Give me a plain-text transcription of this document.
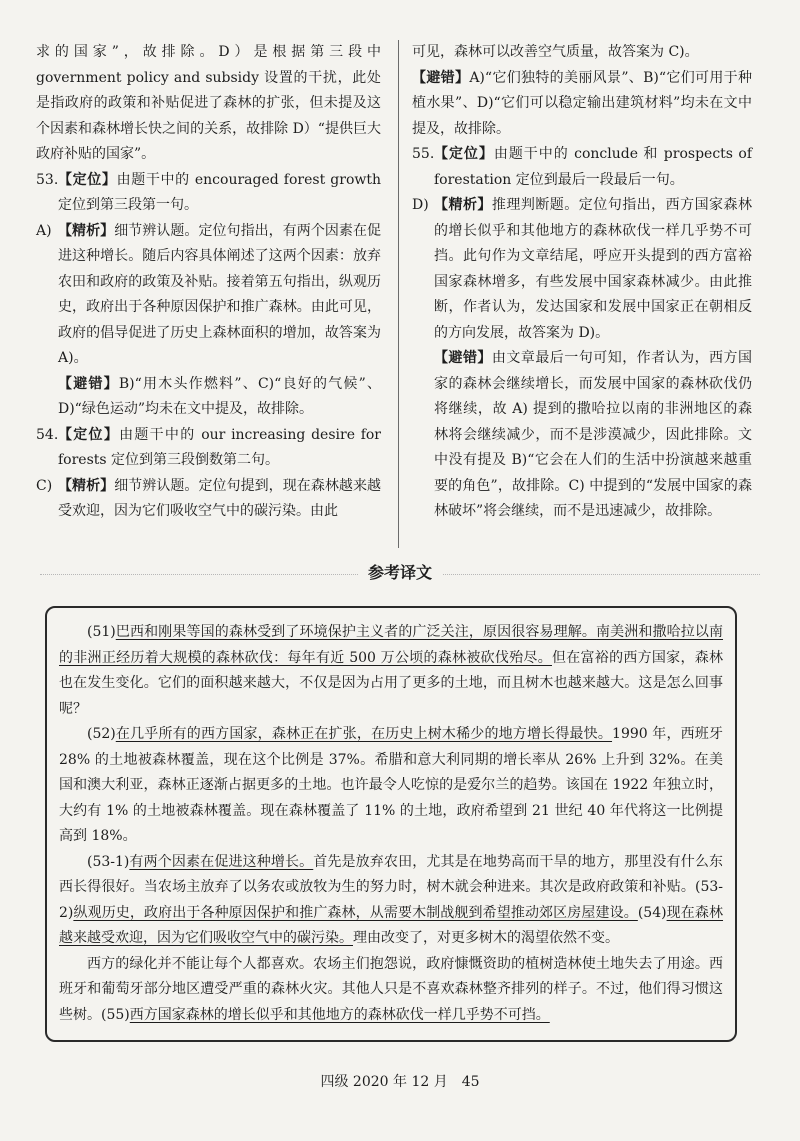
求的国家”，故排除。D）是根据第三段中 government policy and subsidy 设置的干扰，此处是指政府的政策和补贴促进了森林的扩张，但未提及这个因素和森林增长快之间的关系，故排除 D）“提供巨大政府补贴的国家”。

53. 【定位】由题干中的 encouraged forest growth 定位到第三段第一句。

A) 【精析】细节辨认题。定位句指出，有两个因素在促进这种增长。随后内容具体阐述了这两个因素：放弃农田和政府的政策及补贴。接着第五句指出，纵观历史，政府出于各种原因保护和推广森林。由此可见，政府的倡导促进了历史上森林面积的增加，故答案为 A)。

【避错】B)“用木头作燃料”、C)“良好的气候”、D)“绿色运动”均未在文中提及，故排除。

54. 【定位】由题干中的 our increasing desire for forests 定位到第三段倒数第二句。

C) 【精析】细节辨认题。定位句提到，现在森林越来越受欢迎，因为它们吸收空气中的碳污染。由此

可见，森林可以改善空气质量，故答案为 C)。

【避错】A)“它们独特的美丽风景”、B)“它们可用于种植水果”、D)“它们可以稳定输出建筑材料”均未在文中提及，故排除。

55. 【定位】由题干中的 conclude 和 prospects of forestation 定位到最后一段最后一句。

D) 【精析】推理判断题。定位句指出，西方国家森林的增长似乎和其他地方的森林砍伐一样几乎势不可挡。此句作为文章结尾，呼应开头提到的西方富裕国家森林增多，有些发展中国家森林减少。由此推断，作者认为，发达国家和发展中国家正在朝相反的方向发展，故答案为 D)。

【避错】由文章最后一句可知，作者认为，西方国家的森林会继续增长，而发展中国家的森林砍伐仍将继续，故 A) 提到的撒哈拉以南的非洲地区的森林将会继续减少，而不是涉漠减少，因此排除。文中没有提及 B)“它会在人们的生活中扮演越来越重要的角色”，故排除。C) 中提到的“发展中国家的森林破坏”将会继续，而不是迅速减少，故排除。

参考译文

(51)巴西和刚果等国的森林受到了环境保护主义者的广泛关注，原因很容易理解。南美洲和撒哈拉以南的非洲正经历着大规模的森林砍伐：每年有近 500 万公顷的森林被砍伐殆尽。但在富裕的西方国家，森林也在发生变化。它们的面积越来越大，不仅是因为占用了更多的土地，而且树木也越来越大。这是怎么回事呢？

(52)在几乎所有的西方国家，森林正在扩张，在历史上树木稀少的地方增长得最快。1990 年，西班牙 28% 的土地被森林覆盖，现在这个比例是 37%。希腊和意大利同期的增长率从 26% 上升到 32%。在美国和澳大利亚，森林正逐渐占据更多的土地。也许最令人吃惊的是爱尔兰的趋势。该国在 1922 年独立时，大约有 1% 的土地被森林覆盖。现在森林覆盖了 11% 的土地，政府希望到 21 世纪 40 年代将这一比例提高到 18%。

(53-1)有两个因素在促进这种增长。首先是放弃农田，尤其是在地势高而干旱的地方，那里没有什么东西长得很好。当农场主放弃了以务农或放牧为生的努力时，树木就会种进来。其次是政府政策和补贴。(53-2)纵观历史，政府出于各种原因保护和推广森林，从需要木制战舰到希望推动郊区房屋建设。(54)现在森林越来越受欢迎，因为它们吸收空气中的碳污染。理由改变了，对更多树木的渴望依然不变。

西方的绿化并不能让每个人都喜欢。农场主们抱怨说，政府慷慨资助的植树造林使土地失去了用途。西班牙和葡萄牙部分地区遭受严重的森林火灾。其他人只是不喜欢森林整齐排列的样子。不过，他们得习惯这些树。(55)西方国家森林的增长似乎和其他地方的森林砍伐一样几乎势不可挡。

四级 2020 年 12 月　45
